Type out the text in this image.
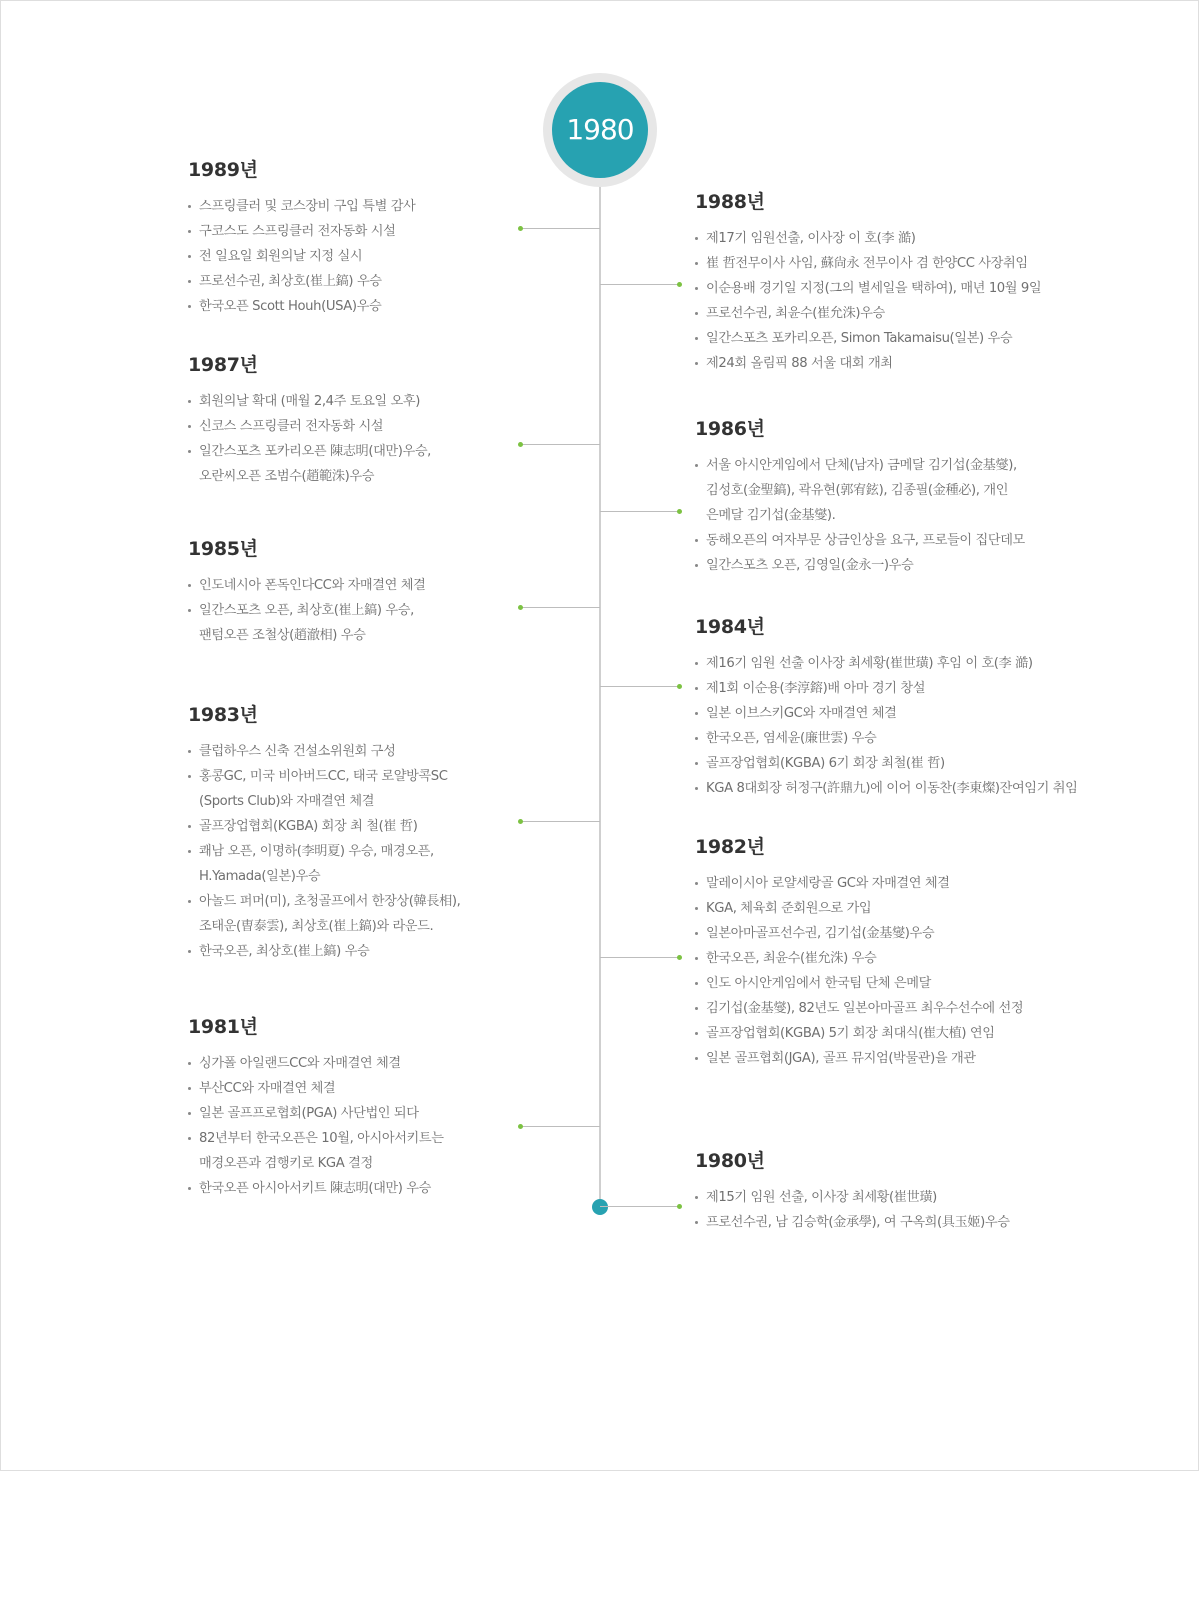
1980
1989년
스프링클러 및 코스장비 구입 특별 감사
구코스도 스프링클러 전자동화 시설
전 일요일 회원의날 지정 실시
프로선수권, 최상호(崔上鎬) 우승
한국오픈 Scott Houh(USA)우승
1987년
회원의날 확대 (매월 2,4주 토요일 오후)
신코스 스프링클러 전자동화 시설
일간스포츠 포카리오픈 陳志明(대만)우승,
오란씨오픈 조범수(趙範洙)우승
1985년
인도네시아 폰독인다CC와 자매결연 체결
일간스포츠 오픈, 최상호(崔上鎬) 우승,
팬텀오픈 조철상(趙澈相) 우승
1983년
클럽하우스 신축 건설소위원회 구성
홍콩GC, 미국 비아버드CC, 태국 로얄방콕SC
(Sports Club)와 자매결연 체결
골프장업협회(KGBA) 회장 최 철(崔 哲)
쾌남 오픈, 이명하(李明夏) 우승, 매경오픈,
H.Yamada(일본)우승
아놀드 퍼머(미), 초청골프에서 한장상(韓長相),
조태운(曺泰雲), 최상호(崔上鎬)와 라운드.
한국오픈, 최상호(崔上鎬) 우승
1981년
싱가폴 아일랜드CC와 자매결연 체결
부산CC와 자매결연 체결
일본 골프프로협회(PGA) 사단법인 되다
82년부터 한국오픈은 10월, 아시아서키트는
매경오픈과 겸행키로 KGA 결정
한국오픈 아시아서키트 陳志明(대만) 우승
1988년
제17기 임원선출, 이사장 이 호(李 澔)
崔 哲전무이사 사임, 蘇尙永 전무이사 겸 한양CC 사장취임
이순용배 경기일 지정(그의 별세일을 택하여), 매년 10월 9일
프로선수권, 최윤수(崔允洙)우승
일간스포츠 포카리오픈, Simon Takamaisu(일본) 우승
제24회 올림픽 88 서울 대회 개최
1986년
서울 아시안게임에서 단체(남자) 금메달 김기섭(金基燮),
김성호(金聖鎬), 곽유현(郭宥鉉), 김종필(金種必), 개인
은메달 김기섭(金基燮).
동해오픈의 여자부문 상금인상을 요구, 프로들이 집단데모
일간스포츠 오픈, 김영일(金永一)우승
1984년
제16기 임원 선출 이사장 최세황(崔世璜) 후임 이 호(李 澔)
제1회 이순용(李淳鎔)배 아마 경기 창설
일본 이브스키GC와 자매결연 체결
한국오픈, 염세윤(廉世雲) 우승
골프장업협회(KGBA) 6기 회장 최철(崔 哲)
KGA 8대회장 허정구(許鼎九)에 이어 이동찬(李東燦)잔여임기 취임
1982년
말레이시아 로얄세랑골 GC와 자매결연 체결
KGA, 체육회 준회원으로 가입
일본아마골프선수권, 김기섭(金基燮)우승
한국오픈, 최윤수(崔允洙) 우승
인도 아시안게임에서 한국팀 단체 은메달
김기섭(金基燮), 82년도 일본아마골프 최우수선수에 선정
골프장업협회(KGBA) 5기 회장 최대식(崔大植) 연임
일본 골프협회(JGA), 골프 뮤지엄(박물관)을 개관
1980년
제15기 임원 선출, 이사장 최세황(崔世璜)
프로선수권, 남 김승학(金承學), 여 구옥희(具玉姬)우승
